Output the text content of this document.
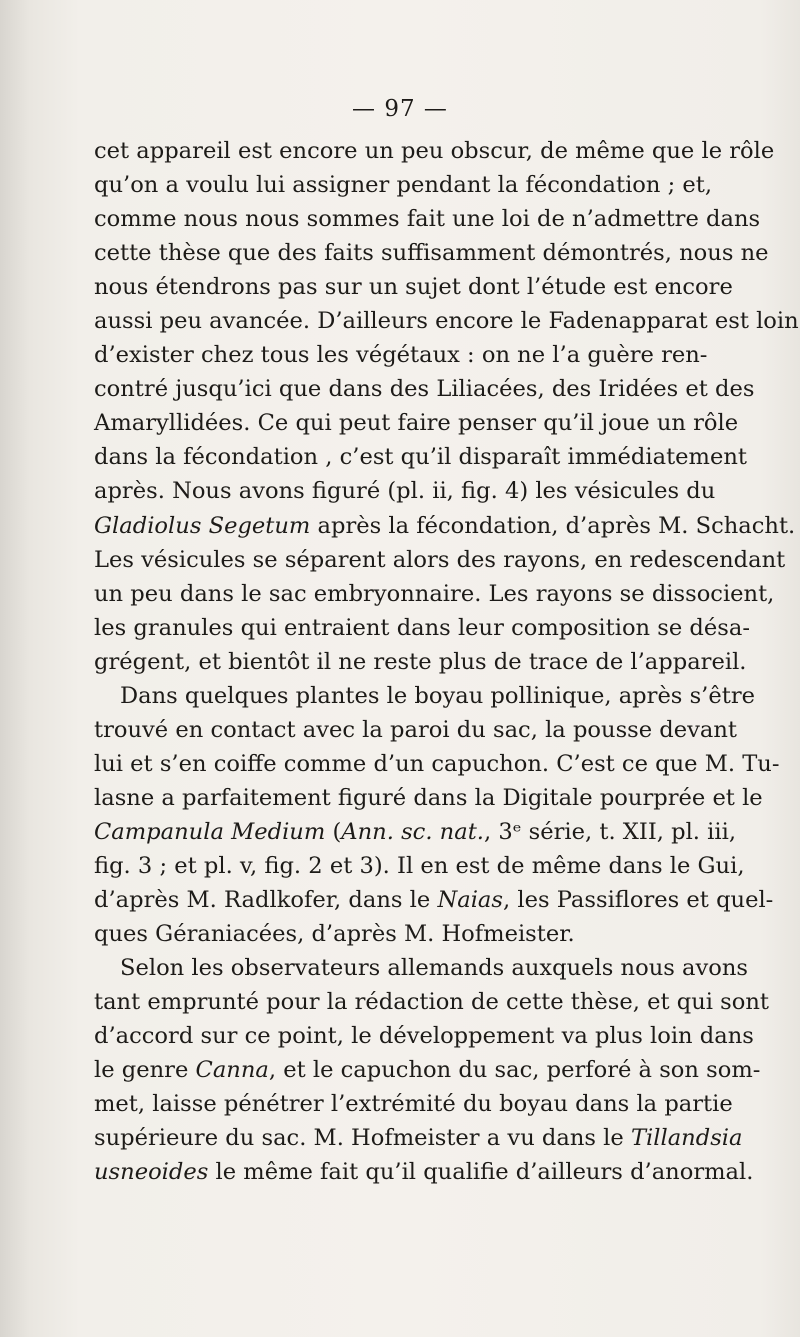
— 97 —
cet appareil est encore un peu obscur, de même que le rôle
qu’on a voulu lui assigner pendant la fécondation ; et,
comme nous nous sommes fait une loi de n’admettre dans
cette thèse que des faits suffisamment démontrés, nous ne
nous étendrons pas sur un sujet dont l’étude est encore
aussi peu avancée. D’ailleurs encore le Fadenapparat est loin
d’exister chez tous les végétaux : on ne l’a guère ren-
contré jusqu’ici que dans des Liliacées, des Iridées et des
Amaryllidées. Ce qui peut faire penser qu’il joue un rôle
dans la fécondation , c’est qu’il disparaît immédiatement
après. Nous avons figuré (pl. ii, fig. 4) les vésicules du
Gladiolus Segetum après la fécondation, d’après M. Schacht.
Les vésicules se séparent alors des rayons, en redescendant
un peu dans le sac embryonnaire. Les rayons se dissocient,
les granules qui entraient dans leur composition se désa-
grégent, et bientôt il ne reste plus de trace de l’appareil.
Dans quelques plantes le boyau pollinique, après s’être
trouvé en contact avec la paroi du sac, la pousse devant
lui et s’en coiffe comme d’un capuchon. C’est ce que M. Tu-
lasne a parfaitement figuré dans la Digitale pourprée et le
Campanula Medium (Ann. sc. nat., 3ᵉ série, t. XII, pl. iii,
fig. 3 ; et pl. v, fig. 2 et 3). Il en est de même dans le Gui,
d’après M. Radlkofer, dans le Naias, les Passiflores et quel-
ques Géraniacées, d’après M. Hofmeister.
Selon les observateurs allemands auxquels nous avons
tant emprunté pour la rédaction de cette thèse, et qui sont
d’accord sur ce point, le développement va plus loin dans
le genre Canna, et le capuchon du sac, perforé à son som-
met, laisse pénétrer l’extrémité du boyau dans la partie
supérieure du sac. M. Hofmeister a vu dans le Tillandsia
usneoides le même fait qu’il qualifie d’ailleurs d’anormal.
